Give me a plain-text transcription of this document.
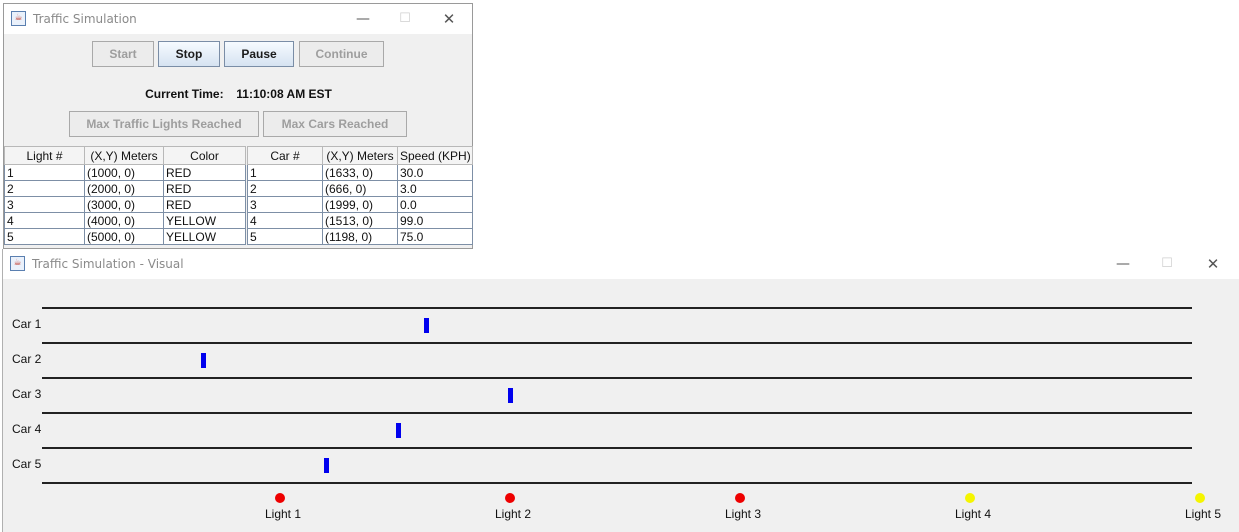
☕ Traffic Simulation	—	☐	✕
Start	Stop	Pause	Continue
Current Time: 11:10:08 AM EST
Max Traffic Lights Reached	Max Cars Reached
Light #	(X,Y) Meters	Color
1	(1000, 0)	RED
2	(2000, 0)	RED
3	(3000, 0)	RED
4	(4000, 0)	YELLOW
5	(5000, 0)	YELLOW
Car #	(X,Y) Meters	Speed (KPH)
1	(1633, 0)	30.0
2	(666, 0)	3.0
3	(1999, 0)	0.0
4	(1513, 0)	99.0
5	(1198, 0)	75.0
☕ Traffic Simulation - Visual	—	☐	✕
Car 1
Car 2
Car 3
Car 4
Car 5
Light 1	Light 2	Light 3	Light 4	Light 5
